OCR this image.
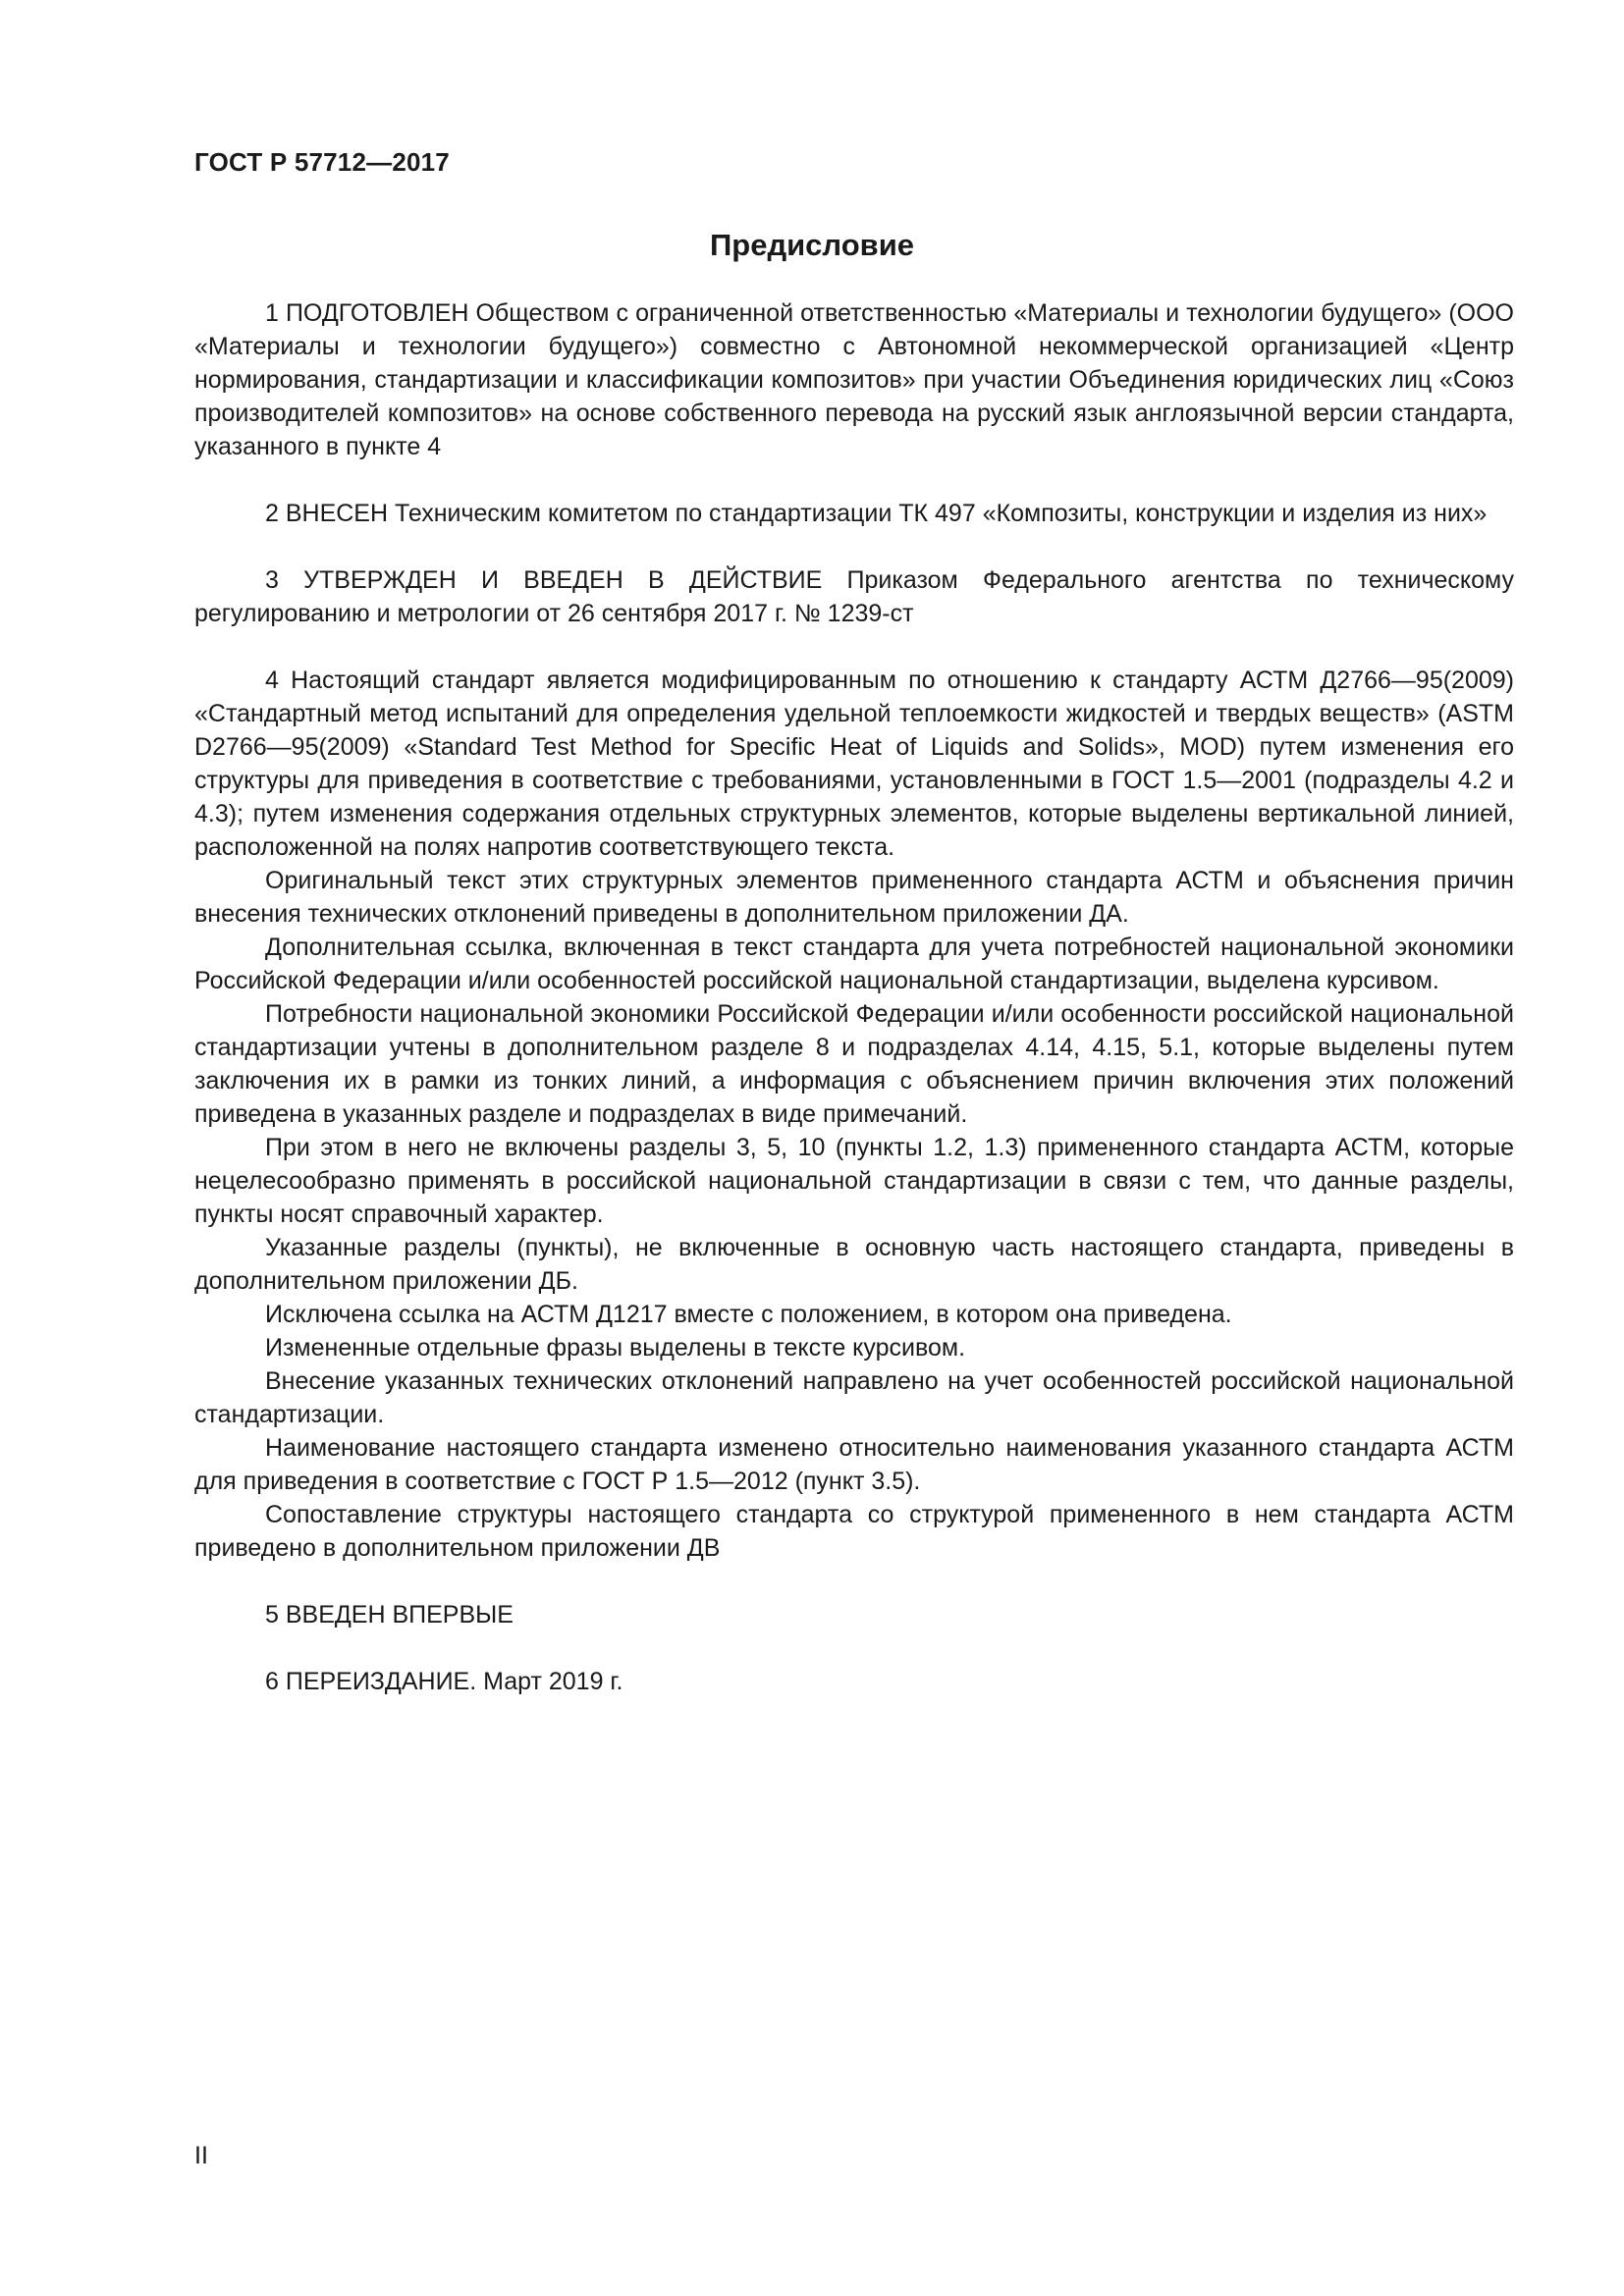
ГОСТ Р 57712—2017
Предисловие

1 ПОДГОТОВЛЕН Обществом с ограниченной ответственностью «Материалы и технологии будущего» (ООО «Материалы и технологии будущего») совместно с Автономной некоммерческой организацией «Центр нормирования, стандартизации и классификации композитов» при участии Объединения юридических лиц «Союз производителей композитов» на основе собственного перевода на русский язык англоязычной версии стандарта, указанного в пункте 4

2 ВНЕСЕН Техническим комитетом по стандартизации ТК 497 «Композиты, конструкции и изделия из них»

3 УТВЕРЖДЕН И ВВЕДЕН В ДЕЙСТВИЕ Приказом Федерального агентства по техническому регулированию и метрологии от 26 сентября 2017 г. № 1239-ст

4 Настоящий стандарт является модифицированным по отношению к стандарту АСТМ Д2766—95(2009) «Стандартный метод испытаний для определения удельной теплоемкости жидкостей и твердых веществ» (ASTM D2766—95(2009) «Standard Test Method for Specific Heat of Liquids and Solids», MOD) путем изменения его структуры для приведения в соответствие с требованиями, установленными в ГОСТ 1.5—2001 (подразделы 4.2 и 4.3); путем изменения содержания отдельных структурных элементов, которые выделены вертикальной линией, расположенной на полях напротив соответствующего текста.

Оригинальный текст этих структурных элементов примененного стандарта АСТМ и объяснения причин внесения технических отклонений приведены в дополнительном приложении ДА.

Дополнительная ссылка, включенная в текст стандарта для учета потребностей национальной экономики Российской Федерации и/или особенностей российской национальной стандартизации, выделена курсивом.

Потребности национальной экономики Российской Федерации и/или особенности российской национальной стандартизации учтены в дополнительном разделе 8 и подразделах 4.14, 4.15, 5.1, которые выделены путем заключения их в рамки из тонких линий, а информация с объяснением причин включения этих положений приведена в указанных разделе и подразделах в виде примечаний.

При этом в него не включены разделы 3, 5, 10 (пункты 1.2, 1.3) примененного стандарта АСТМ, которые нецелесообразно применять в российской национальной стандартизации в связи с тем, что данные разделы, пункты носят справочный характер.

Указанные разделы (пункты), не включенные в основную часть настоящего стандарта, приведены в дополнительном приложении ДБ.

Исключена ссылка на АСТМ Д1217 вместе с положением, в котором она приведена.

Измененные отдельные фразы выделены в тексте курсивом.

Внесение указанных технических отклонений направлено на учет особенностей российской национальной стандартизации.

Наименование настоящего стандарта изменено относительно наименования указанного стандарта АСТМ для приведения в соответствие с ГОСТ Р 1.5—2012 (пункт 3.5).

Сопоставление структуры настоящего стандарта со структурой примененного в нем стандарта АСТМ приведено в дополнительном приложении ДВ

5 ВВЕДЕН ВПЕРВЫЕ

6 ПЕРЕИЗДАНИЕ. Март 2019 г.

II
